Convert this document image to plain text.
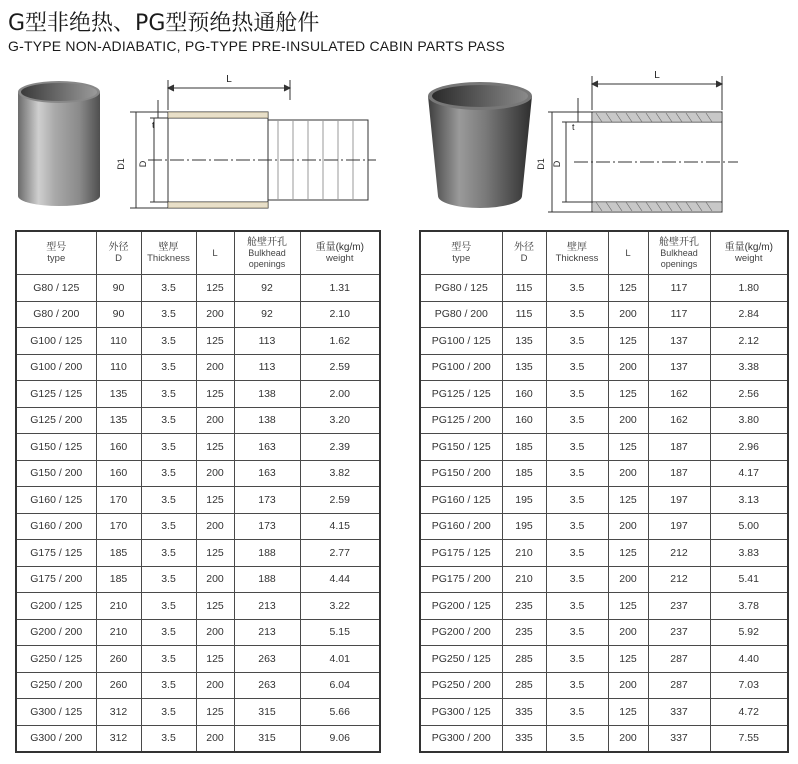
G型非绝热、PG型预绝热通舱件
G-TYPE NON-ADIABATIC, PG-TYPE PRE-INSULATED CABIN PARTS PASS
L
D1 D
t
L
D1 D
t
型号
type	外径
D	壁厚
Thickness	L	舱壁开孔
Bulkhead
openings	重量(kg/m)
weight

G80 / 125	90	3.5	125	92	1.31
G80 / 200	90	3.5	200	92	2.10
G100 / 125	110	3.5	125	113	1.62
G100 / 200	110	3.5	200	113	2.59
G125 / 125	135	3.5	125	138	2.00
G125 / 200	135	3.5	200	138	3.20
G150 / 125	160	3.5	125	163	2.39
G150 / 200	160	3.5	200	163	3.82
G160 / 125	170	3.5	125	173	2.59
G160 / 200	170	3.5	200	173	4.15
G175 / 125	185	3.5	125	188	2.77
G175 / 200	185	3.5	200	188	4.44
G200 / 125	210	3.5	125	213	3.22
G200 / 200	210	3.5	200	213	5.15
G250 / 125	260	3.5	125	263	4.01
G250 / 200	260	3.5	200	263	6.04
G300 / 125	312	3.5	125	315	5.66
G300 / 200	312	3.5	200	315	9.06
型号
type	外径
D	壁厚
Thickness	L	舱壁开孔
Bulkhead
openings	重量(kg/m)
weight

PG80 / 125	115	3.5	125	117	1.80
PG80 / 200	115	3.5	200	117	2.84
PG100 / 125	135	3.5	125	137	2.12
PG100 / 200	135	3.5	200	137	3.38
PG125 / 125	160	3.5	125	162	2.56
PG125 / 200	160	3.5	200	162	3.80
PG150 / 125	185	3.5	125	187	2.96
PG150 / 200	185	3.5	200	187	4.17
PG160 / 125	195	3.5	125	197	3.13
PG160 / 200	195	3.5	200	197	5.00
PG175 / 125	210	3.5	125	212	3.83
PG175 / 200	210	3.5	200	212	5.41
PG200 / 125	235	3.5	125	237	3.78
PG200 / 200	235	3.5	200	237	5.92
PG250 / 125	285	3.5	125	287	4.40
PG250 / 200	285	3.5	200	287	7.03
PG300 / 125	335	3.5	125	337	4.72
PG300 / 200	335	3.5	200	337	7.55
